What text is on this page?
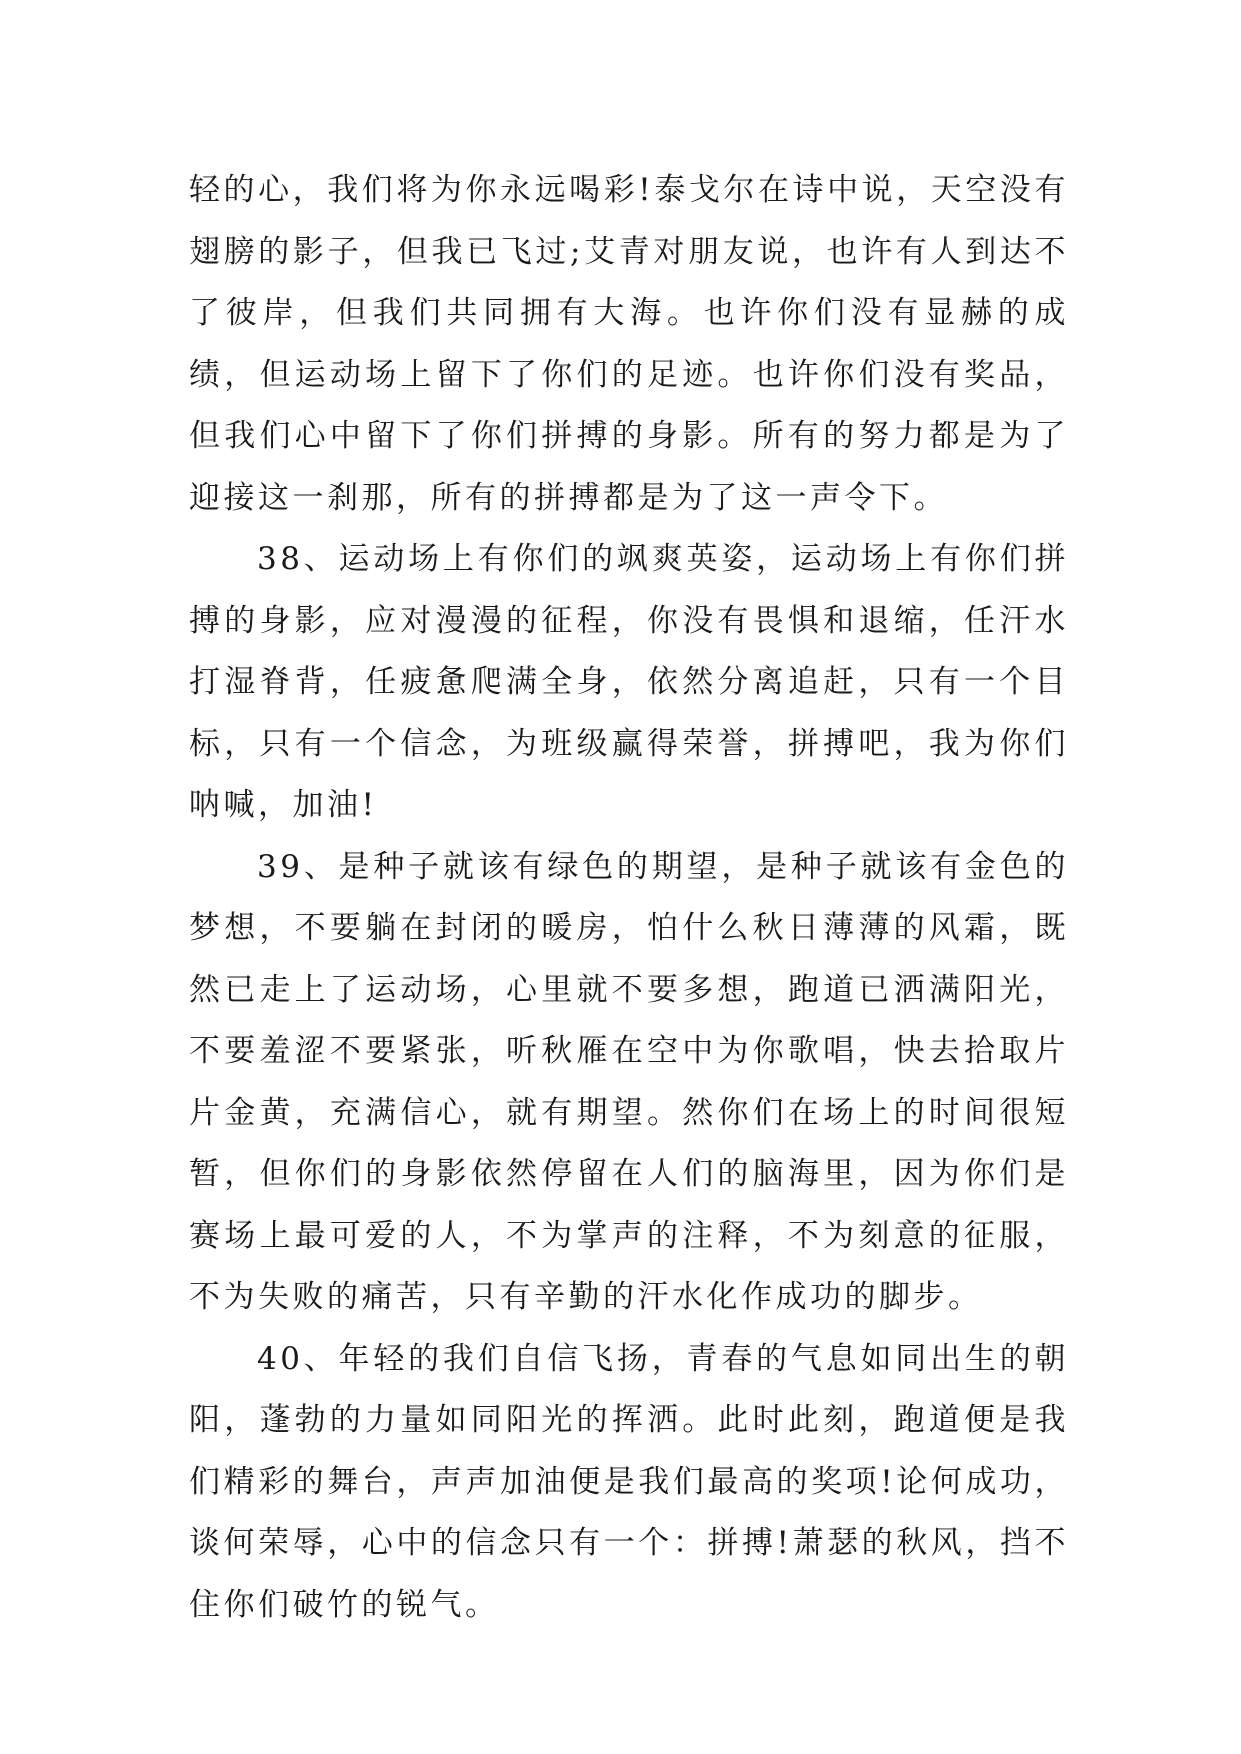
轻的心，我们将为你永远喝彩!泰戈尔在诗中说，天空没有翅膀的影子，但我已飞过;艾青对朋友说，也许有人到达不了彼岸，但我们共同拥有大海。也许你们没有显赫的成绩，但运动场上留下了你们的足迹。也许你们没有奖品，但我们心中留下了你们拼搏的身影。所有的努力都是为了迎接这一刹那，所有的拼搏都是为了这一声令下。

38、运动场上有你们的飒爽英姿，运动场上有你们拼搏的身影，应对漫漫的征程，你没有畏惧和退缩，任汗水打湿脊背，任疲惫爬满全身，依然分离追赶，只有一个目标，只有一个信念，为班级赢得荣誉，拼搏吧，我为你们呐喊，加油!

39、是种子就该有绿色的期望，是种子就该有金色的梦想，不要躺在封闭的暖房，怕什么秋日薄薄的风霜，既然已走上了运动场，心里就不要多想，跑道已洒满阳光，不要羞涩不要紧张，听秋雁在空中为你歌唱，快去拾取片片金黄，充满信心，就有期望。然你们在场上的时间很短暂，但你们的身影依然停留在人们的脑海里，因为你们是赛场上最可爱的人，不为掌声的注释，不为刻意的征服，不为失败的痛苦，只有辛勤的汗水化作成功的脚步。

40、年轻的我们自信飞扬，青春的气息如同出生的朝阳，蓬勃的力量如同阳光的挥洒。此时此刻，跑道便是我们精彩的舞台，声声加油便是我们最高的奖项!论何成功，谈何荣辱，心中的信念只有一个：拼搏!萧瑟的秋风，挡不住你们破竹的锐气。
